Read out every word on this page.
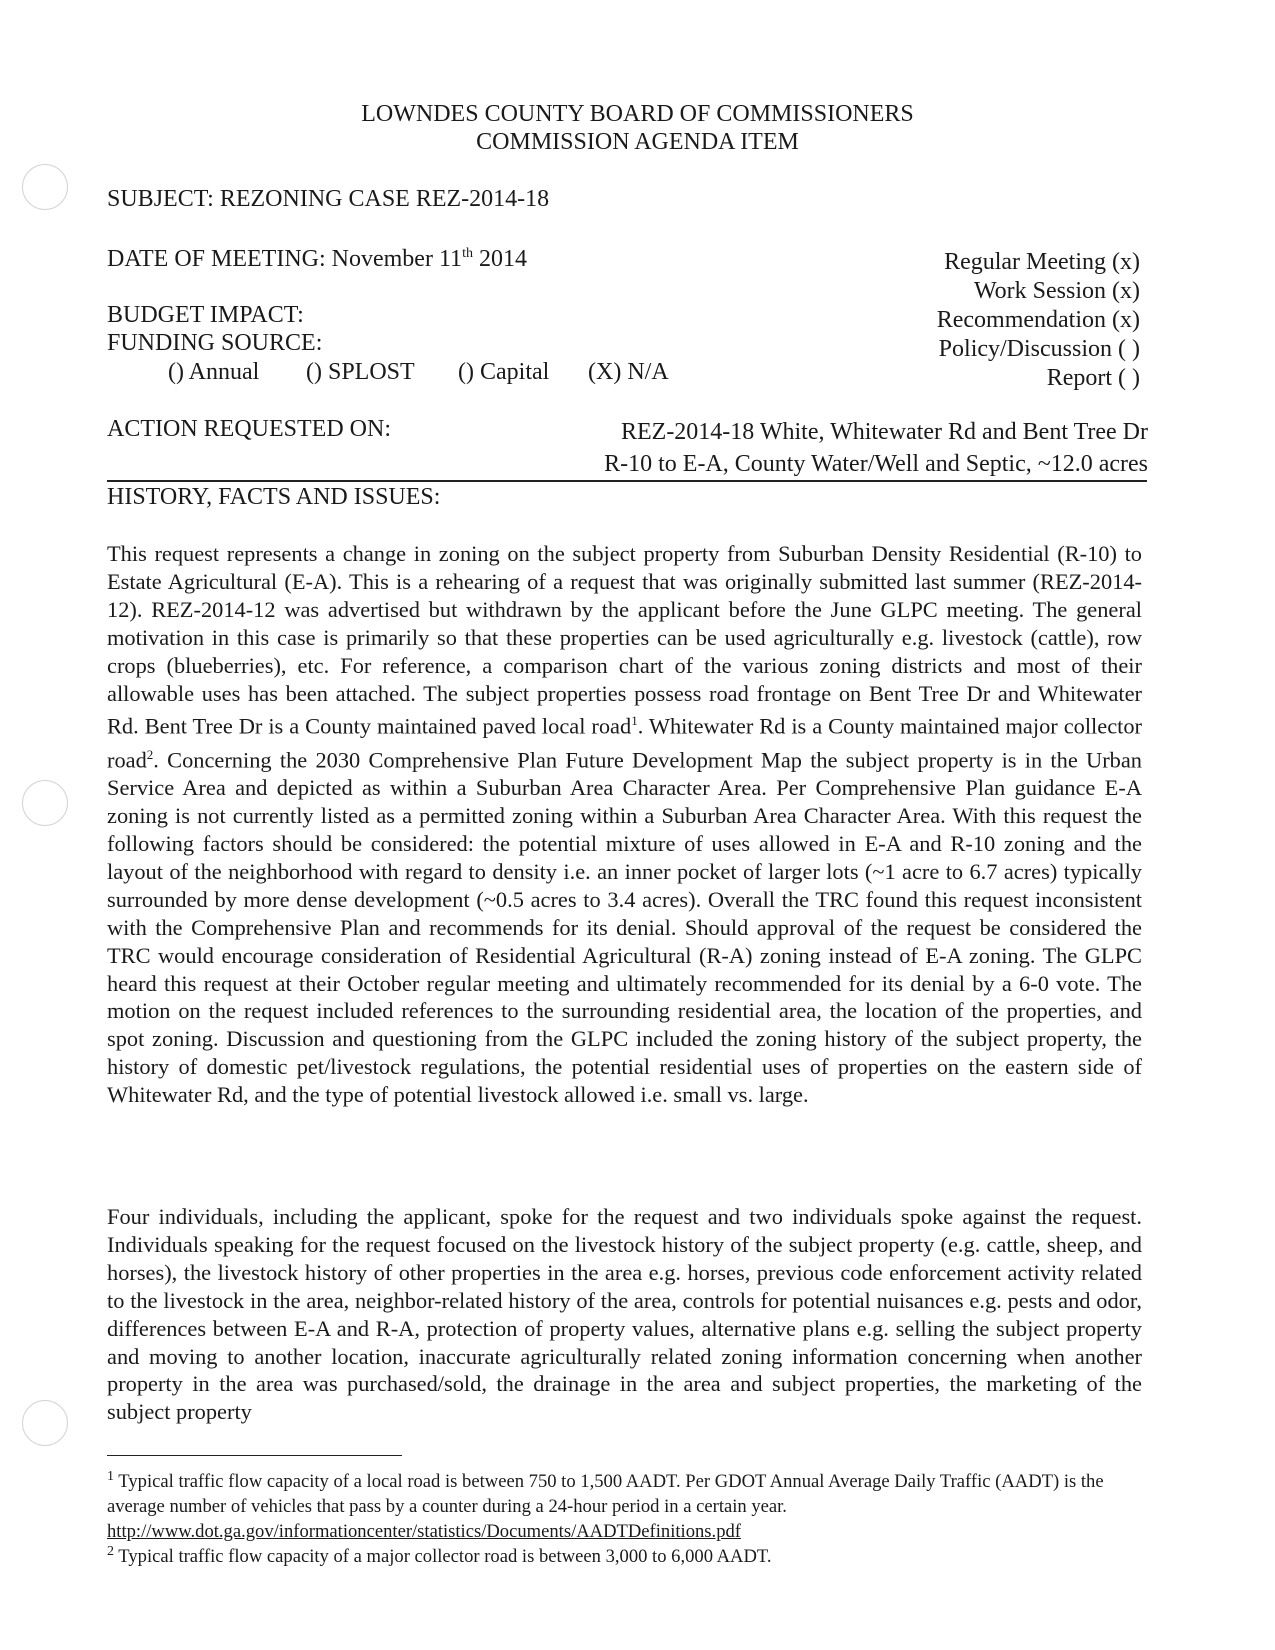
LOWNDES COUNTY BOARD OF COMMISSIONERS
COMMISSION AGENDA ITEM
SUBJECT: REZONING CASE REZ-2014-18
DATE OF MEETING: November 11th 2014	Regular Meeting (x)
Work Session (x)
Recommendation (x)
Policy/Discussion ( )
Report ( )
BUDGET IMPACT:
FUNDING SOURCE:
() Annual () SPLOST () Capital (X) N/A
ACTION REQUESTED ON:	REZ-2014-18 White, Whitewater Rd and Bent Tree Dr
R-10 to E-A, County Water/Well and Septic, ~12.0 acres
HISTORY, FACTS AND ISSUES:
This request represents a change in zoning on the subject property from Suburban Density Residential (R-10) to Estate Agricultural (E-A). This is a rehearing of a request that was originally submitted last summer (REZ-2014-12). REZ-2014-12 was advertised but withdrawn by the applicant before the June GLPC meeting. The general motivation in this case is primarily so that these properties can be used agriculturally e.g. livestock (cattle), row crops (blueberries), etc. For reference, a comparison chart of the various zoning districts and most of their allowable uses has been attached. The subject properties possess road frontage on Bent Tree Dr and Whitewater Rd. Bent Tree Dr is a County maintained paved local road$^1$. Whitewater Rd is a County maintained major collector road$^2$. Concerning the 2030 Comprehensive Plan Future Development Map the subject property is in the Urban Service Area and depicted as within a Suburban Area Character Area. Per Comprehensive Plan guidance E-A zoning is not currently listed as a permitted zoning within a Suburban Area Character Area. With this request the following factors should be considered: the potential mixture of uses allowed in E-A and R-10 zoning and the layout of the neighborhood with regard to density i.e. an inner pocket of larger lots (~1 acre to 6.7 acres) typically surrounded by more dense development (~0.5 acres to 3.4 acres). Overall the TRC found this request inconsistent with the Comprehensive Plan and recommends for its denial. Should approval of the request be considered the TRC would encourage consideration of Residential Agricultural (R-A) zoning instead of E-A zoning. The GLPC heard this request at their October regular meeting and ultimately recommended for its denial by a 6-0 vote. The motion on the request included references to the surrounding residential area, the location of the properties, and spot zoning. Discussion and questioning from the GLPC included the zoning history of the subject property, the history of domestic pet/livestock regulations, the potential residential uses of properties on the eastern side of Whitewater Rd, and the type of potential livestock allowed i.e. small vs. large.
Four individuals, including the applicant, spoke for the request and two individuals spoke against the request. Individuals speaking for the request focused on the livestock history of the subject property (e.g. cattle, sheep, and horses), the livestock history of other properties in the area e.g. horses, previous code enforcement activity related to the livestock in the area, neighbor-related history of the area, controls for potential nuisances e.g. pests and odor, differences between E-A and R-A, protection of property values, alternative plans e.g. selling the subject property and moving to another location, inaccurate agriculturally related zoning information concerning when another property in the area was purchased/sold, the drainage in the area and subject properties, the marketing of the subject property
$^1$ Typical traffic flow capacity of a local road is between 750 to 1,500 AADT. Per GDOT Annual Average Daily Traffic (AADT) is the average number of vehicles that pass by a counter during a 24-hour period in a certain year.
http://www.dot.ga.gov/informationcenter/statistics/Documents/AADTDefinitions.pdf
$^2$ Typical traffic flow capacity of a major collector road is between 3,000 to 6,000 AADT.
